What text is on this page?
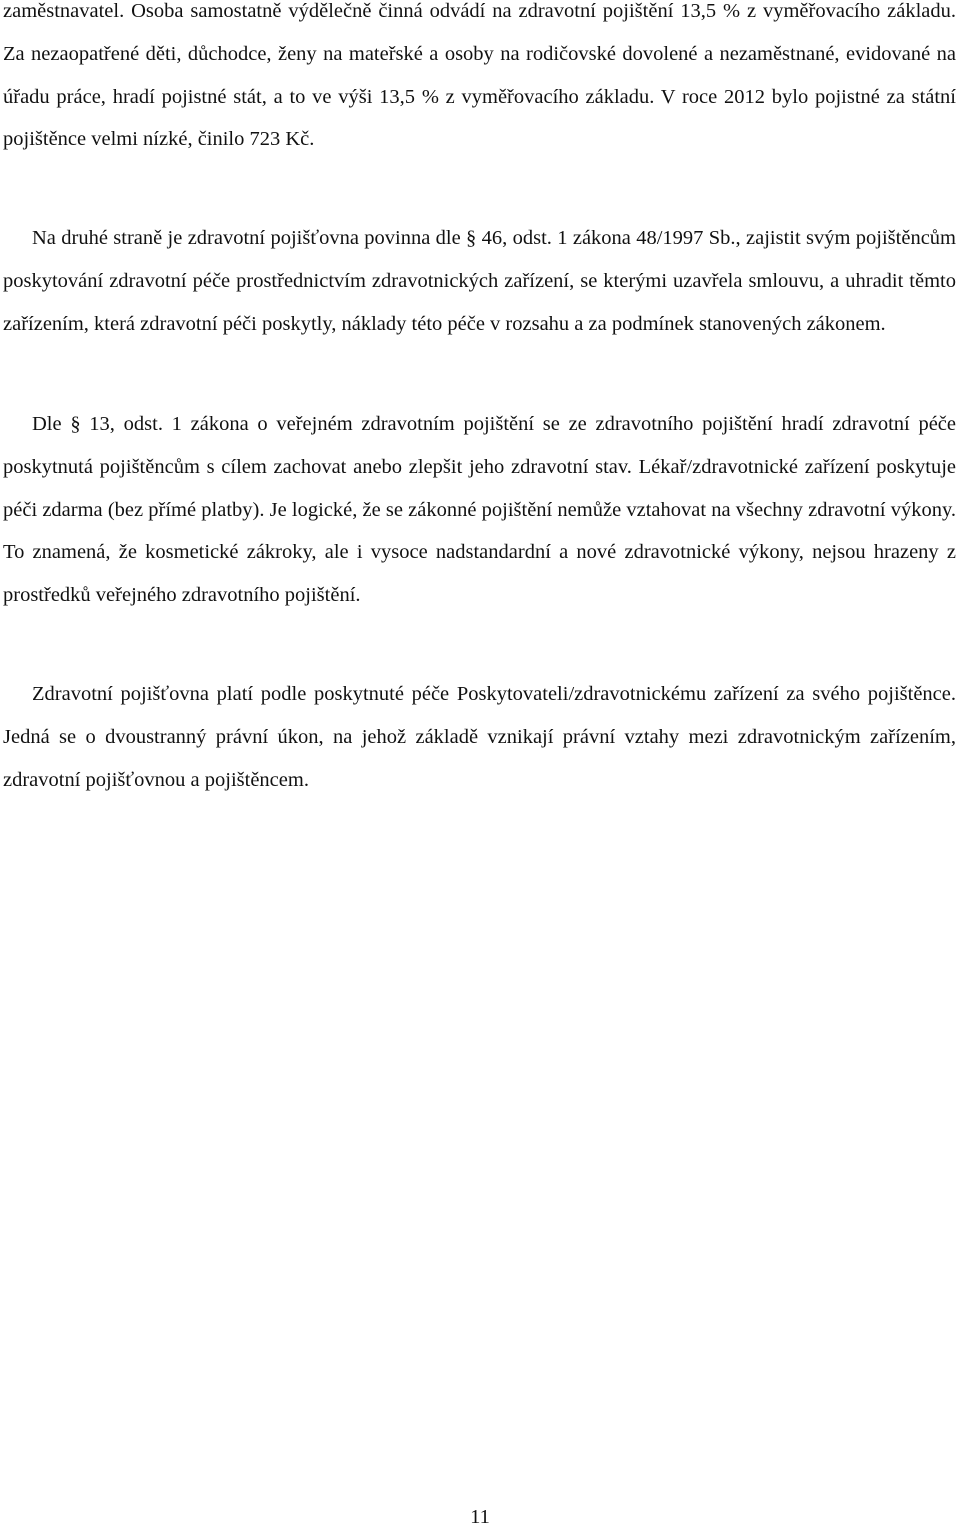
zaměstnavatel. Osoba samostatně výdělečně činná odvádí na zdravotní pojištění 13,5 % z vyměřovacího základu. Za nezaopatřené děti, důchodce, ženy na mateřské a osoby na rodičovské dovolené a nezaměstnané, evidované na úřadu práce, hradí pojistné stát, a to ve výši 13,5 % z vyměřovacího základu. V roce 2012 bylo pojistné za státní pojištěnce velmi nízké, činilo 723 Kč.

Na druhé straně je zdravotní pojišťovna povinna dle § 46, odst. 1 zákona 48/1997 Sb., zajistit svým pojištěncům poskytování zdravotní péče prostřednictvím zdravotnických zařízení, se kterými uzavřela smlouvu, a uhradit těmto zařízením, která zdravotní péči poskytly, náklady této péče v rozsahu a za podmínek stanovených zákonem.

Dle § 13, odst. 1 zákona o veřejném zdravotním pojištění se ze zdravotního pojištění hradí zdravotní péče poskytnutá pojištěncům s cílem zachovat anebo zlepšit jeho zdravotní stav. Lékař/zdravotnické zařízení poskytuje péči zdarma (bez přímé platby). Je logické, že se zákonné pojištění nemůže vztahovat na všechny zdravotní výkony. To znamená, že kosmetické zákroky, ale i vysoce nadstandardní a nové zdravotnické výkony, nejsou hrazeny z prostředků veřejného zdravotního pojištění.

Zdravotní pojišťovna platí podle poskytnuté péče Poskytovateli/zdravotnickému zařízení za svého pojištěnce. Jedná se o dvoustranný právní úkon, na jehož základě vznikají právní vztahy mezi zdravotnickým zařízením, zdravotní pojišťovnou a pojištěncem.

11
